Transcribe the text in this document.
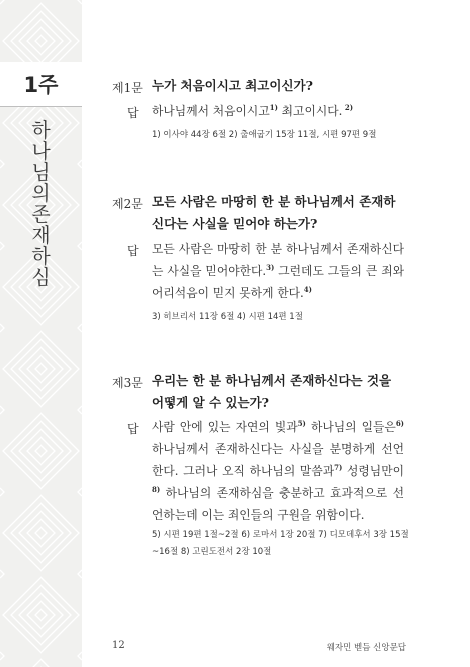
1주
하
나
님
의
존
재
하
심
제1문 누가 처음이시고 최고이신가?
답 하나님께서 처음이시고$^{1)}$ 최고이시다. $^{2)}$
1) 이사야 44장 6절 2) 출애굽기 15장 11절, 시편 97편 9절
제2문 모든 사람은 마땅히 한 분 하나님께서 존재하신다는 사실을 믿어야 하는가?
답 모든 사람은 마땅히 한 분 하나님께서 존재하신다는 사실을 믿어야한다.$^{3)}$ 그런데도 그들의 큰 죄와 어리석음이 믿지 못하게 한다.$^{4)}$
3) 히브리서 11장 6절 4) 시편 14편 1절
제3문 우리는 한 분 하나님께서 존재하신다는 것을 어떻게 알 수 있는가?
답 사람 안에 있는 자연의 빛과$^{5)}$ 하나님의 일들은$^{6)}$ 하나님께서 존재하신다는 사실을 분명하게 선언한다. 그러나 오직 하나님의 말씀과$^{7)}$ 성령님만이$^{8)}$ 하나님의 존재하심을 충분하고 효과적으로 선언하는데 이는 죄인들의 구원을 위함이다.
5) 시편 19편 1절~2절 6) 로마서 1장 20절 7) 디모데후서 3장 15절~16절 8) 고린도전서 2장 10절
12	웨자민 벧듬 신앙문답
